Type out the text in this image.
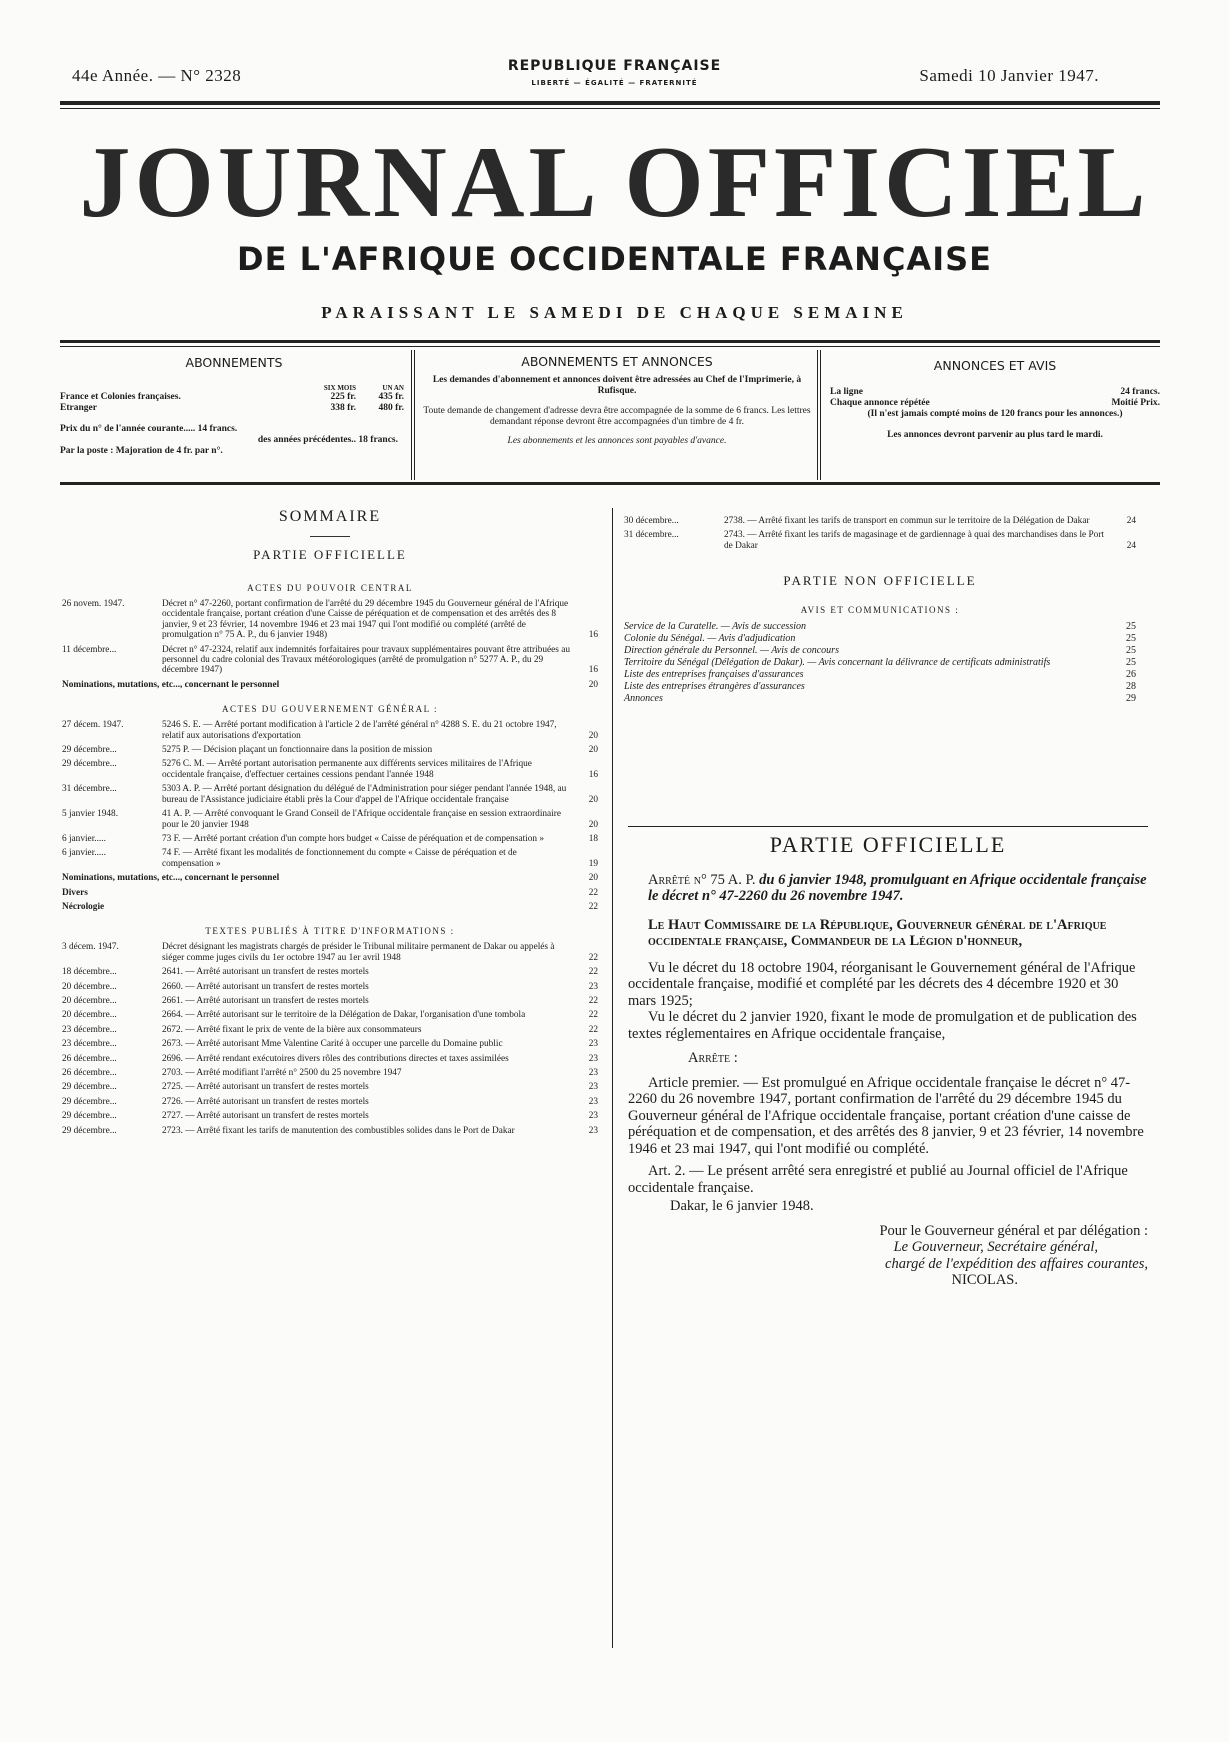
44e Année. — N° 2328	REPUBLIQUE FRANÇAISE
LIBERTÉ — ÉGALITÉ — FRATERNITÉ	Samedi 10 Janvier 1947.
JOURNAL OFFICIEL
DE L'AFRIQUE OCCIDENTALE FRANÇAISE
PARAISSANT LE SAMEDI DE CHAQUE SEMAINE
ABONNEMENTS
SIX MOIS	UN AN
France et Colonies françaises.	225 fr.	435 fr.
Etranger	338 fr.	480 fr.
Prix du n° de l'année courante..... 14 francs.
des années précédentes.. 18 francs.
Par la poste : Majoration de 4 fr. par n°.
ABONNEMENTS ET ANNONCES
Les demandes d'abonnement et annonces doivent être adressées au Chef de l'Imprimerie, à Rufisque.
Toute demande de changement d'adresse devra être accompagnée de la somme de 6 francs. Les lettres demandant réponse devront être accompagnées d'un timbre de 4 fr.
Les abonnements et les annonces sont payables d'avance.
ANNONCES ET AVIS
La ligne	24 francs.
Chaque annonce répétée	Moitié Prix.
(Il n'est jamais compté moins de 120 francs pour les annonces.)
Les annonces devront parvenir au plus tard le mardi.
SOMMAIRE
PARTIE OFFICIELLE
ACTES DU POUVOIR CENTRAL
26 novem. 1947.	Décret n° 47-2260, portant confirmation de l'arrêté du 29 décembre 1945 du Gouverneur général de l'Afrique occidentale française, portant création d'une Caisse de péréquation et de compensation et des arrêtés des 8 janvier, 9 et 23 février, 14 novembre 1946 et 23 mai 1947 qui l'ont modifié ou complété (arrêté de promulgation n° 75 A. P., du 6 janvier 1948)	16
11 décembre...	Décret n° 47-2324, relatif aux indemnités forfaitaires pour travaux supplémentaires pouvant être attribuées au personnel du cadre colonial des Travaux météorologiques (arrêté de promulgation n° 5277 A. P., du 29 décembre 1947)	16
Nominations, mutations, etc..., concernant le personnel	20
ACTES DU GOUVERNEMENT GÉNÉRAL :
27 décem. 1947.	5246 S. E. — Arrêté portant modification à l'article 2 de l'arrêté général n° 4288 S. E. du 21 octobre 1947, relatif aux autorisations d'exportation	20
29 décembre...	5275 P. — Décision plaçant un fonctionnaire dans la position de mission	20
29 décembre...	5276 C. M. — Arrêté portant autorisation permanente aux différents services militaires de l'Afrique occidentale française, d'effectuer certaines cessions pendant l'année 1948	16
31 décembre...	5303 A. P. — Arrêté portant désignation du délégué de l'Administration pour siéger pendant l'année 1948, au bureau de l'Assistance judiciaire établi près la Cour d'appel de l'Afrique occidentale française	20
5 janvier 1948.	41 A. P. — Arrêté convoquant le Grand Conseil de l'Afrique occidentale française en session extraordinaire pour le 20 janvier 1948	20
6 janvier.....	73 F. — Arrêté portant création d'un compte hors budget « Caisse de péréquation et de compensation »	18
6 janvier.....	74 F. — Arrêté fixant les modalités de fonctionnement du compte « Caisse de péréquation et de compensation »	19
Nominations, mutations, etc..., concernant le personnel	20
Divers	22
Nécrologie	22
TEXTES PUBLIÉS À TITRE D'INFORMATIONS :
3 décem. 1947.	Décret désignant les magistrats chargés de présider le Tribunal militaire permanent de Dakar ou appelés à siéger comme juges civils du 1er octobre 1947 au 1er avril 1948	22
18 décembre...	2641. — Arrêté autorisant un transfert de restes mortels	22
20 décembre...	2660. — Arrêté autorisant un transfert de restes mortels	23
20 décembre...	2661. — Arrêté autorisant un transfert de restes mortels	22
20 décembre...	2664. — Arrêté autorisant sur le territoire de la Délégation de Dakar, l'organisation d'une tombola	22
23 décembre...	2672. — Arrêté fixant le prix de vente de la bière aux consommateurs	22
23 décembre...	2673. — Arrêté autorisant Mme Valentine Carité à occuper une parcelle du Domaine public	23
26 décembre...	2696. — Arrêté rendant exécutoires divers rôles des contributions directes et taxes assimilées	23
26 décembre...	2703. — Arrêté modifiant l'arrêté n° 2500 du 25 novembre 1947	23
29 décembre...	2725. — Arrêté autorisant un transfert de restes mortels	23
29 décembre...	2726. — Arrêté autorisant un transfert de restes mortels	23
29 décembre...	2727. — Arrêté autorisant un transfert de restes mortels	23
29 décembre...	2723. — Arrêté fixant les tarifs de manutention des combustibles solides dans le Port de Dakar	23
30 décembre...	2738. — Arrêté fixant les tarifs de transport en commun sur le territoire de la Délégation de Dakar	24
31 décembre...	2743. — Arrêté fixant les tarifs de magasinage et de gardiennage à quai des marchandises dans le Port de Dakar	24
PARTIE NON OFFICIELLE
AVIS ET COMMUNICATIONS :
Service de la Curatelle. — Avis de succession	25
Colonie du Sénégal. — Avis d'adjudication	25
Direction générale du Personnel. — Avis de concours	25
Territoire du Sénégal (Délégation de Dakar). — Avis concernant la délivrance de certificats administratifs	25
Liste des entreprises françaises d'assurances	26
Liste des entreprises étrangères d'assurances	28
Annonces	29
PARTIE OFFICIELLE
Arrêté n° 75 A. P. du 6 janvier 1948, promulguant en Afrique occidentale française le décret n° 47-2260 du 26 novembre 1947.
Le Haut Commissaire de la République, Gouverneur général de l'Afrique occidentale française, Commandeur de la Légion d'honneur,
Vu le décret du 18 octobre 1904, réorganisant le Gouvernement général de l'Afrique occidentale française, modifié et complété par les décrets des 4 décembre 1920 et 30 mars 1925;
Vu le décret du 2 janvier 1920, fixant le mode de promulgation et de publication des textes réglementaires en Afrique occidentale française,
Arrête :
Article premier. — Est promulgué en Afrique occidentale française le décret n° 47-2260 du 26 novembre 1947, portant confirmation de l'arrêté du 29 décembre 1945 du Gouverneur général de l'Afrique occidentale française, portant création d'une caisse de péréquation et de compensation, et des arrêtés des 8 janvier, 9 et 23 février, 14 novembre 1946 et 23 mai 1947, qui l'ont modifié ou complété.
Art. 2. — Le présent arrêté sera enregistré et publié au Journal officiel de l'Afrique occidentale française.
Dakar, le 6 janvier 1948.
Pour le Gouverneur général et par délégation :
Le Gouverneur, Secrétaire général,
chargé de l'expédition des affaires courantes,
NICOLAS.
